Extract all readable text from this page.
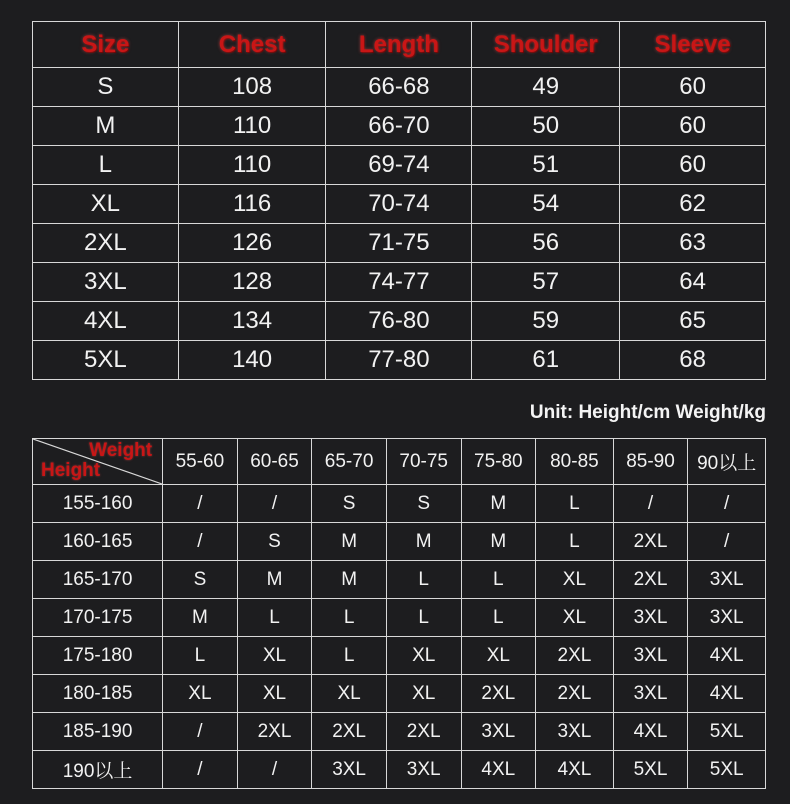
Size	Chest	Length	Shoulder	Sleeve
S	108	66-68	49	60
M	110	66-70	50	60
L	110	69-74	51	60
XL	116	70-74	54	62
2XL	126	71-75	56	63
3XL	128	74-77	57	64
4XL	134	76-80	59	65
5XL	140	77-80	61	68
Unit: Height/cm Weight/kg
Weight
Height	55-60	60-65	65-70	70-75	75-80	80-85	85-90	90以上
155-160	/	/	S	S	M	L	/	/
160-165	/	S	M	M	M	L	2XL	/
165-170	S	M	M	L	L	XL	2XL	3XL
170-175	M	L	L	L	L	XL	3XL	3XL
175-180	L	XL	L	XL	XL	2XL	3XL	4XL
180-185	XL	XL	XL	XL	2XL	2XL	3XL	4XL
185-190	/	2XL	2XL	2XL	3XL	3XL	4XL	5XL
190以上	/	/	3XL	3XL	4XL	4XL	5XL	5XL
